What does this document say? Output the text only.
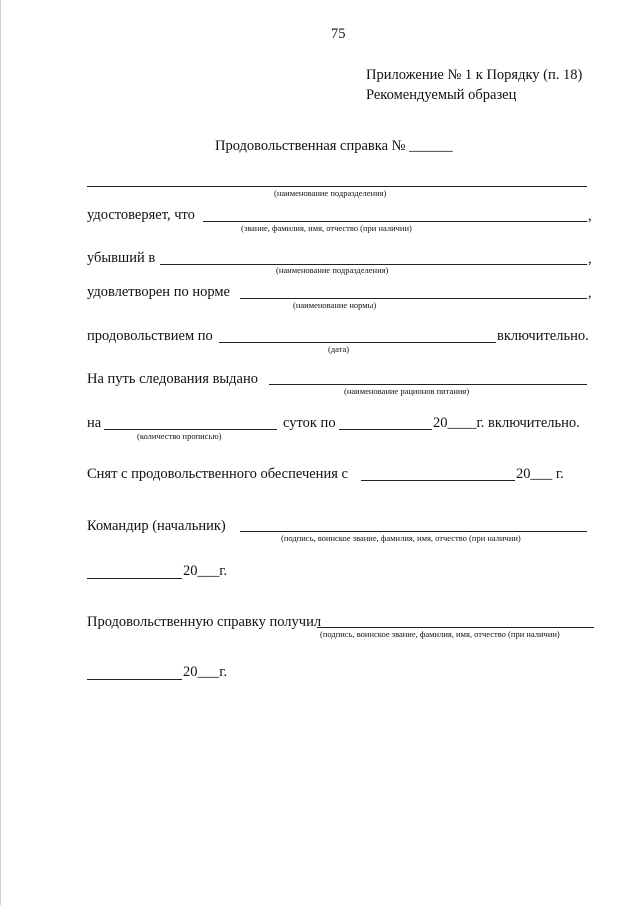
75
Приложение № 1 к Порядку (п. 18)
Рекомендуемый образец
Продовольственная справка № ______
(наименование подразделения)
удостоверяет, что	,
(звание, фамилия, имя, отчество (при наличии)
убывший в	,
(наименование подразделения)
удовлетворен по норме	,
(наименование нормы)
продовольствием по	включительно.
(дата)
На путь следования выдано
(наименование рационов питания)
на
(количество прописью)
суток по	20____г. включительно.
Снят с продовольственного обеспечения с	20___ г.
Командир (начальник)
(подпись, воинское звание, фамилия, имя, отчество (при наличии)
20___г.
Продовольственную справку получил
(подпись, воинское звание, фамилия, имя, отчество (при наличии)
20___г.
